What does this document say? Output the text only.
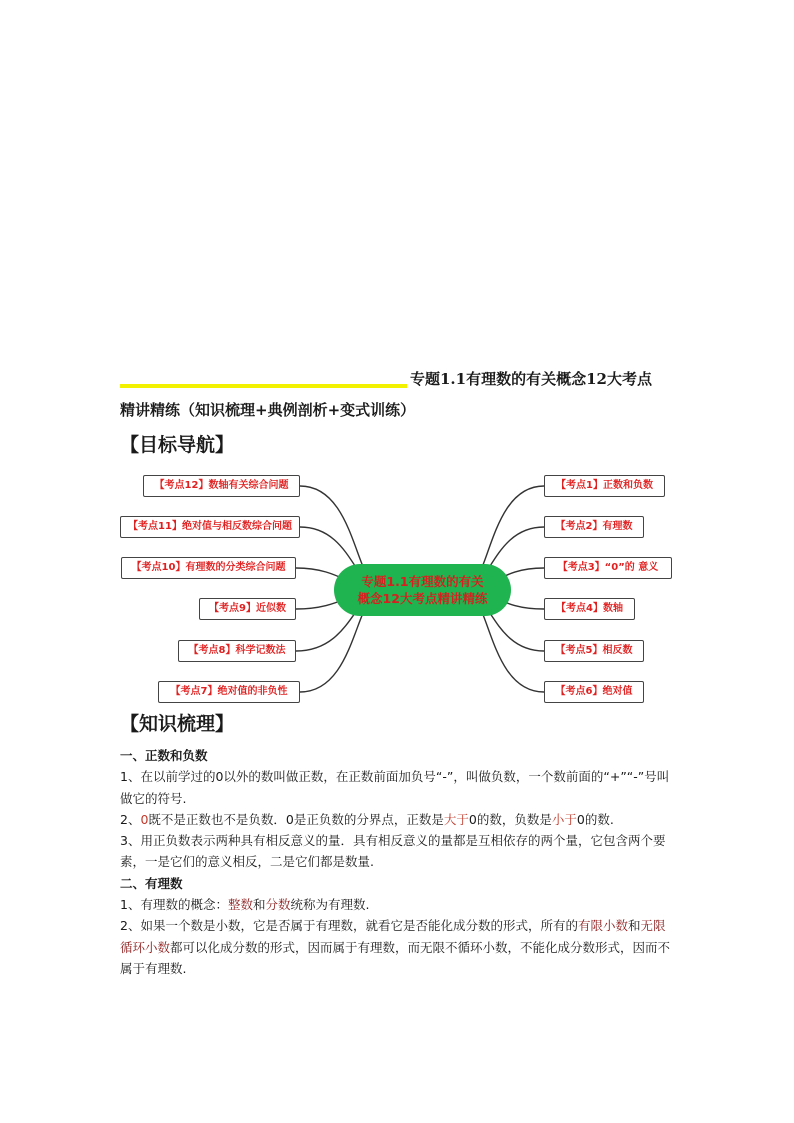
专题1.1有理数的有关概念12大考点
精讲精练（知识梳理+典例剖析+变式训练）
【目标导航】
【考点12】数轴有关综合问题
【考点11】绝对值与相反数综合问题
【考点10】有理数的分类综合问题
【考点9】近似数
【考点8】科学记数法
【考点7】绝对值的非负性
【考点1】正数和负数
【考点2】有理数
【考点3】“0”的 意义
【考点4】数轴
【考点5】相反数
【考点6】绝对值
专题1.1有理数的有关
概念12大考点精讲精练
【知识梳理】

一、正数和负数

1、在以前学过的0以外的数叫做正数，在正数前面加负号“-”，叫做负数，一个数前面的“+”“-”号叫做它的符号.

2、0既不是正数也不是负数．0是正负数的分界点，正数是大于0的数，负数是小于0的数.

3、用正负数表示两种具有相反意义的量．具有相反意义的量都是互相依存的两个量，它包含两个要素，一是它们的意义相反，二是它们都是数量.

二、有理数

1、有理数的概念：整数和分数统称为有理数.

2、如果一个数是小数，它是否属于有理数，就看它是否能化成分数的形式，所有的有限小数和无限循环小数都可以化成分数的形式，因而属于有理数，而无限不循环小数，不能化成分数形式，因而不属于有理数.
